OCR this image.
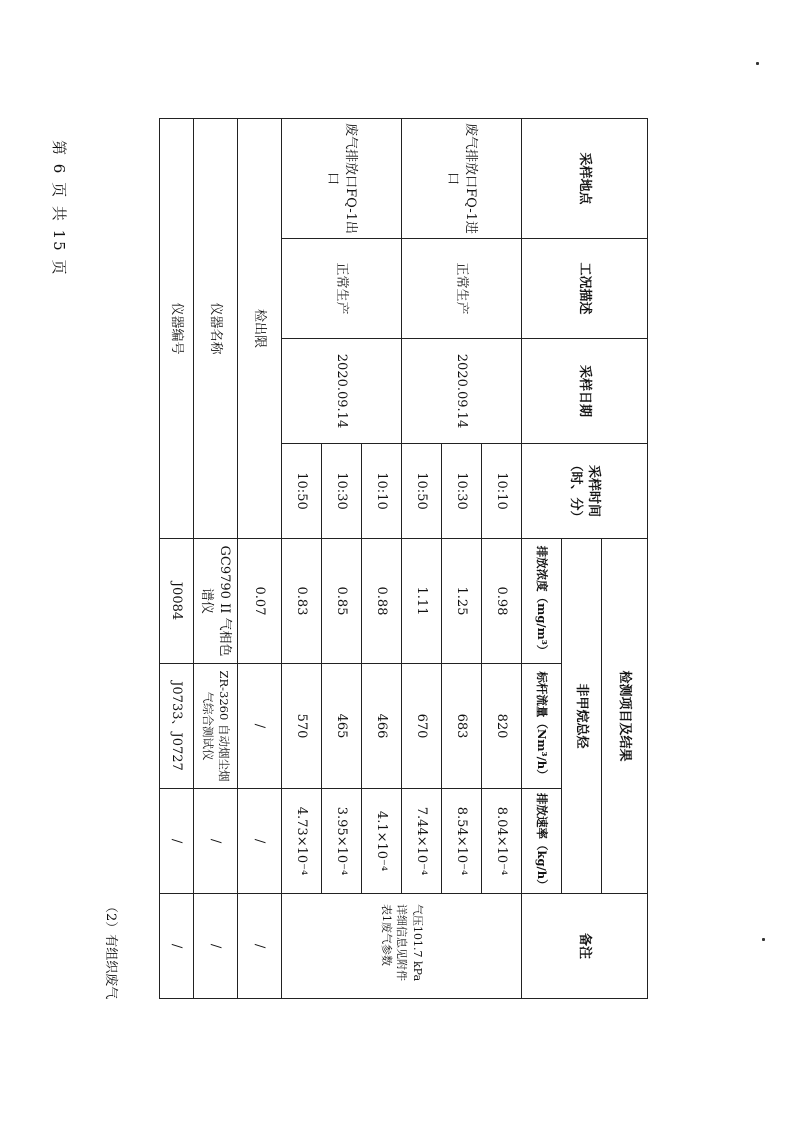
第 6 页 共 15 页
（2）有组织废气
采样地点	工况描述	采样日期	采样时间（时、分）	检测项目及结果			备注
				非甲烷总烃			
				排放浓度（mg/m³）	标杆流量（Nm³/h）	排放速率（kg/h）	
废气排放口FQ-1进口	正常生产	2020.09.14	10:10	0.98	820	8.04×10⁻⁴	气压101.7 kPa 详细信息见附件表1废气参数
			10:30	1.25	683	8.54×10⁻⁴	
			10:50	1.11	670	7.44×10⁻⁴	
废气排放口FQ-1出口	正常生产	2020.09.14	10:10	0.88	466	4.1×10⁻⁴	
			10:30	0.85	465	3.95×10⁻⁴	
			10:50	0.83	570	4.73×10⁻⁴	
检出限				0.07	/	/	/
仪器名称				GC9790 II 气相色谱仪	ZR-3260 自动烟尘烟气综合测试仪	/	/
仪器编号				J0084	J0733、J0727	/	/
